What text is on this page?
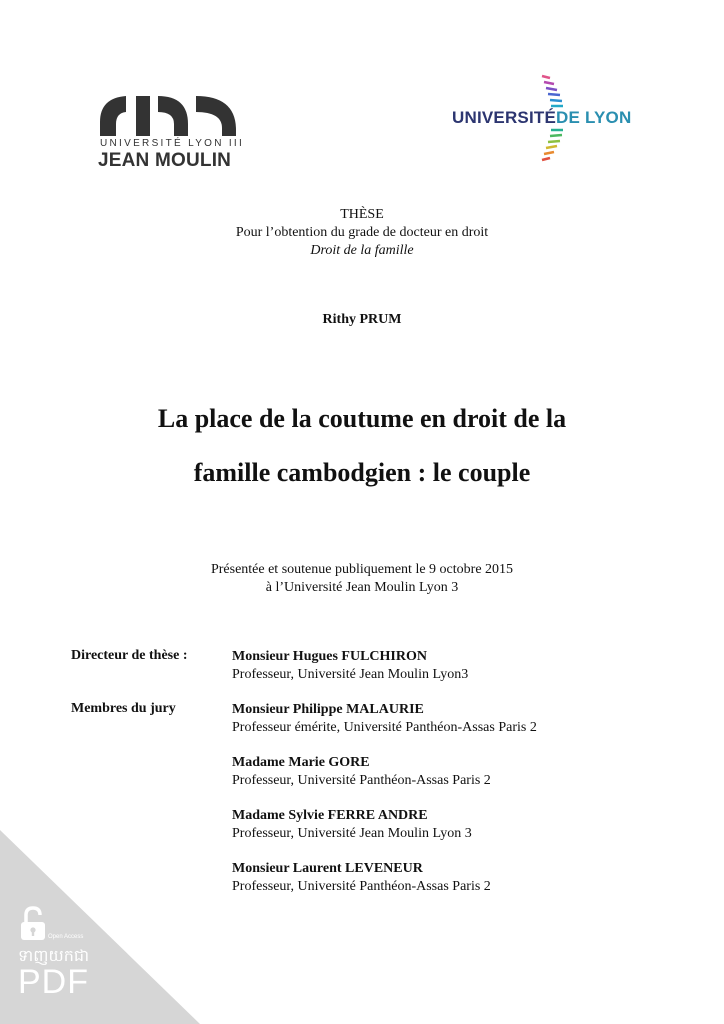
UNIVERSITÉ LYON III
JEAN MOULIN
UNIVERSITÉDE LYON
THÈSE
Pour l’obtention du grade de docteur en droit
Droit de la famille
Rithy PRUM
La place de la coutume en droit de la
famille cambodgien : le couple
Présentée et soutenue publiquement le 9 octobre 2015
à l’Université Jean Moulin Lyon 3
Directeur de thèse :	Monsieur Hugues FULCHIRON
Professeur, Université Jean Moulin Lyon3
Membres du jury	Monsieur Philippe MALAURIE
Professeur émérite, Université Panthéon-Assas Paris 2
Madame Marie GORE
Professeur, Université Panthéon-Assas Paris 2
Madame Sylvie FERRE ANDRE
Professeur, Université Jean Moulin Lyon 3
Monsieur Laurent LEVENEUR
Professeur, Université Panthéon-Assas Paris 2
Open Access
ទាញយកជា
PDF
